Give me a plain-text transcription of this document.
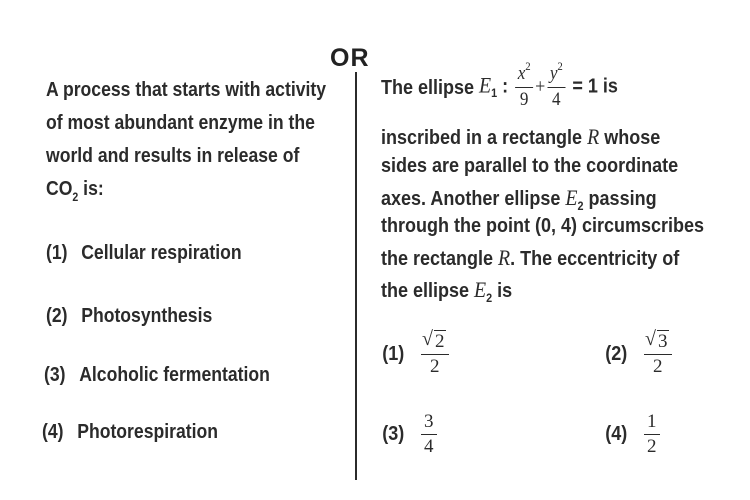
OR
A process that starts with activity
of most abundant enzyme in the
world and results in release of
$CO_2$ is:
(1) Cellular respiration
(2) Photosynthesis
(3) Alcoholic fermentation
(4) Photorespiration
The ellipse $E_1$ : $\frac{x^2}{9} + \frac{y^2}{4} = 1$ is
inscribed in a rectangle R whose
sides are parallel to the coordinate
axes. Another ellipse $E_2$ passing
through the point (0, 4) circumscribes
the rectangle R. The eccentricity of
the ellipse $E_2$ is
$(1) \frac{√ 2}{2}$	$(2) \frac{√ 3}{2}$
$(3) \frac{3}{4}$	$(4) \frac{1}{2}$
